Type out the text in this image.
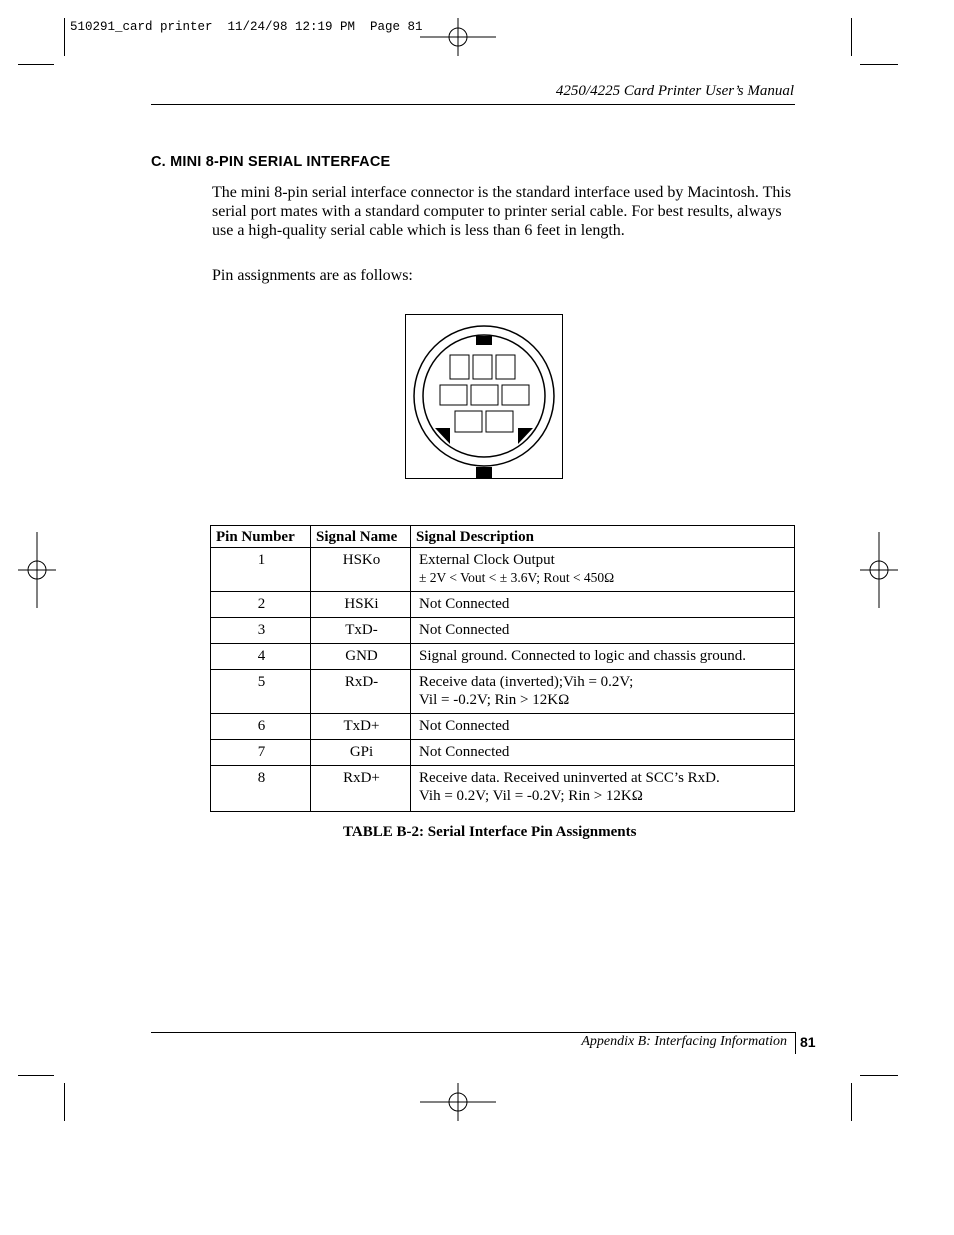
510291_card printer  11/24/98 12:19 PM  Page 81
4250/4225 Card Printer User’s Manual
C. MINI 8-PIN SERIAL INTERFACE
The mini 8-pin serial interface connector is the standard interface used by Macintosh. This serial port mates with a standard computer to printer serial cable. For best results, always use a high-quality serial cable which is less than 6 feet in length.
Pin assignments are as follows:
Pin Number	Signal Name	Signal Description
1	HSKo	External Clock Output
± 2V < Vout < ± 3.6V; Rout < 450Ω

2	HSKi	Not Connected
3	TxD-	Not Connected
4	GND	Signal ground. Connected to logic and chassis ground.
5	RxD-	Receive data (inverted);Vih = 0.2V;
Vil = -0.2V; Rin > 12KΩ

6	TxD+	Not Connected
7	GPi	Not Connected
8	RxD+	Receive data. Received uninverted at SCC’s RxD.
Vih = 0.2V; Vil = -0.2V; Rin > 12KΩ
TABLE B-2: Serial Interface Pin Assignments
Appendix B: Interfacing Information 81
